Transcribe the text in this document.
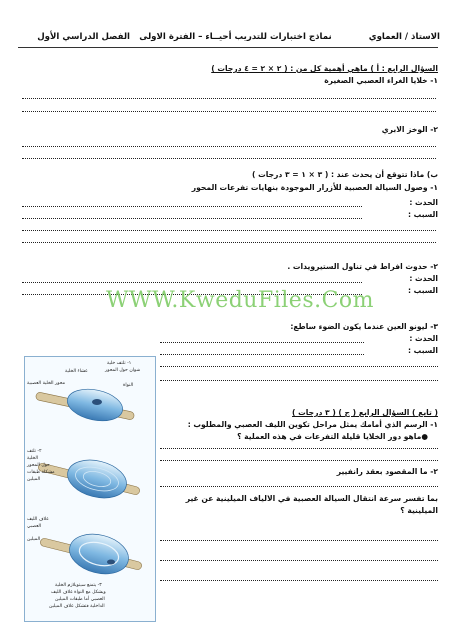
الاستاذ / العماوي
نماذج اختبارات للتدريب أحيــاء – الفترة الاولى
الفصل الدراسي الأول
السؤال الرابع : أ ) ماهي أهمية كل من : ( ٢ × ٢ = ٤ درجات )
١- خلايا الغراء العصبي الصغيرة
٢- الوخز الابري
ب) ماذا تتوقع أن يحدث عند : ( ٣ × ١ = ٣ درجات )
١- وصول السيالة العصبية للأزرار الموجودة بنهايات تفرعات المحور
الحدث :
السبب :
٢- حدوث افراط في تناول الستيرويدات .
الحدث :
السبب :
WWW.KweduFiles.Com
٣- ليونو العين عندما يكون الضوء ساطع:
الحدث :
السبب :
( تابع ) السؤال الرابع ( ج ) ( ٣ درجات )
١- الرسم الذي أمامك يمثل مراحل تكوين الليف العصبي والمطلوب :
●ماهو دور الخلايا قليلة التفرعات في هذه العملية ؟
٢- ما المقصود بعقد رانفيير
بما تفسر سرعة انتقال السيالة العصبية في الالياف الميلينية عن غير
الميلينية ؟
١- تلتف خلية
شوان حول المحور
محور الخلية العصبية	النواة
غشاء الخلية
٢- تلتف
الخلية
حول المحور
مشكلة طبقات
الميلين
غلاف الليف
العصبي
الميلين
٣- يتمنع سيتوبلازم الخلية
ويشكل مع النواة غلاف الليف
العصبي أما طبقات الميلين
الداخلية فتشكل غلاف الميلين
